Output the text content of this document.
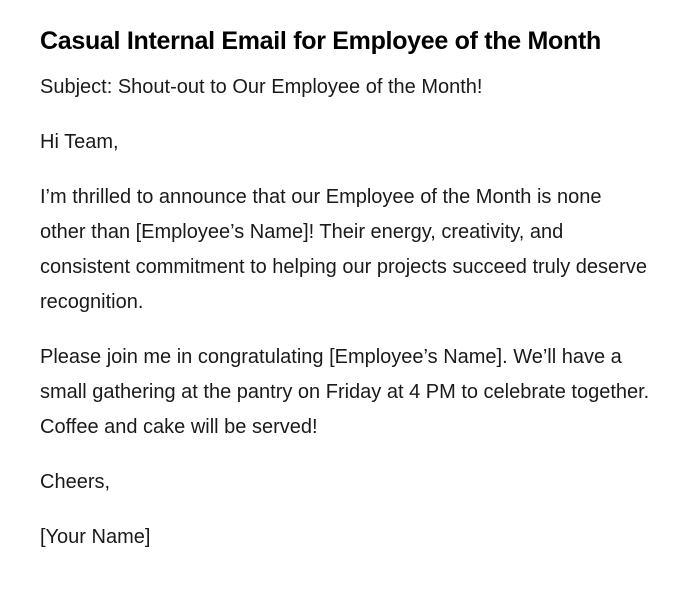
Casual Internal Email for Employee of the Month

Subject: Shout-out to Our Employee of the Month!

Hi Team,

I’m thrilled to announce that our Employee of the Month is none other than [Employee’s Name]! Their energy, creativity, and consistent commitment to helping our projects succeed truly deserve recognition.

Please join me in congratulating [Employee’s Name]. We’ll have a small gathering at the pantry on Friday at 4 PM to celebrate together. Coffee and cake will be served!

Cheers,

[Your Name]
